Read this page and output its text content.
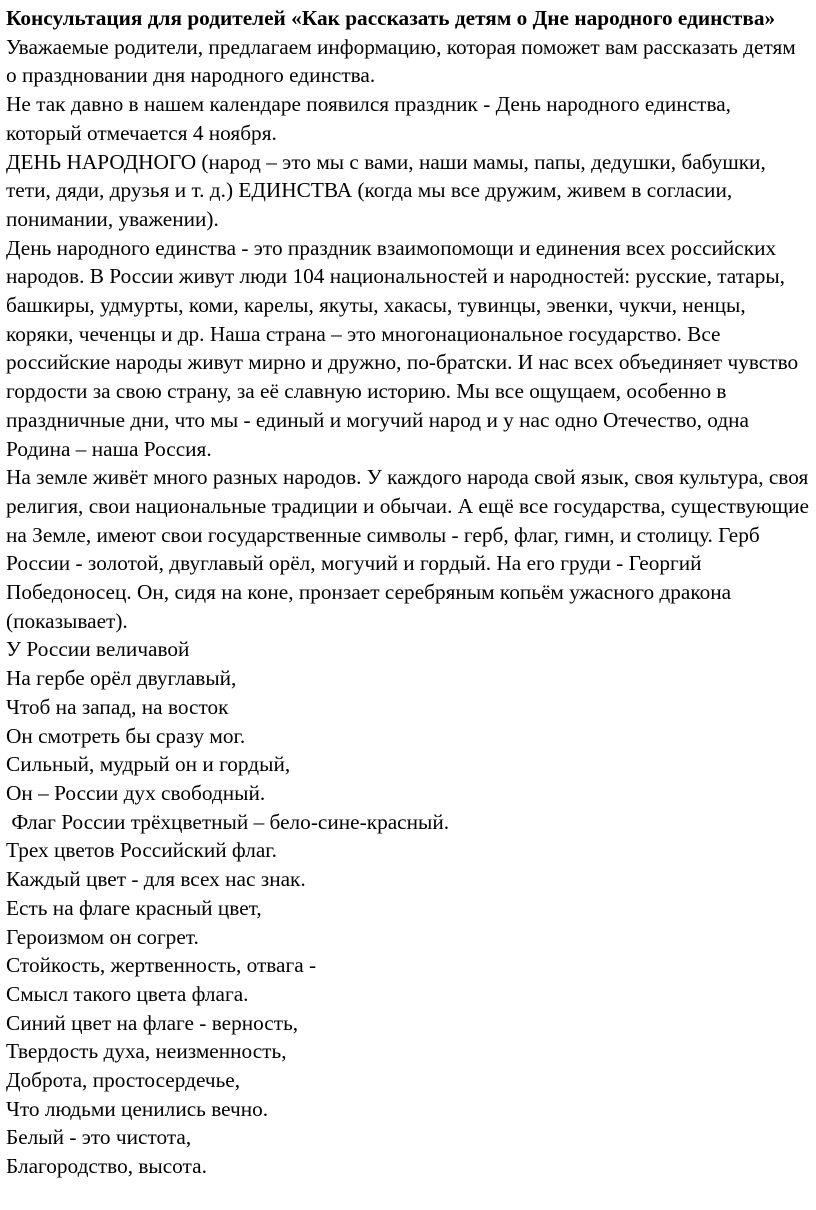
Консультация для родителей «Как рассказать детям о Дне народного единства»

Уважаемые родители, предлагаем информацию, которая поможет вам рассказать детям о праздновании дня народного единства.

Не так давно в нашем календаре появился праздник - День народного единства, который отмечается 4 ноября.

ДЕНЬ НАРОДНОГО (народ – это мы с вами, наши мамы, папы, дедушки, бабушки, тети, дяди, друзья и т. д.) ЕДИНСТВА (когда мы все дружим, живем в согласии, понимании, уважении).

День народного единства - это праздник взаимопомощи и единения всех российских народов. В России живут люди 104 национальностей и народностей: русские, татары, башкиры, удмурты, коми, карелы, якуты, хакасы, тувинцы, эвенки, чукчи, ненцы, коряки, чеченцы и др. Наша страна – это многонациональное государство. Все российские народы живут мирно и дружно, по-братски. И нас всех объединяет чувство гордости за свою страну, за её славную историю. Мы все ощущаем, особенно в праздничные дни, что мы - единый и могучий народ и у нас одно Отечество, одна Родина – наша Россия.

На земле живёт много разных народов. У каждого народа свой язык, своя культура, своя религия, свои национальные традиции и обычаи. А ещё все государства, существующие на Земле, имеют свои государственные символы - герб, флаг, гимн, и столицу. Герб России - золотой, двуглавый орёл, могучий и гордый. На его груди - Георгий Победоносец. Он, сидя на коне, пронзает серебряным копьём ужасного дракона (показывает).

У России величавой

На гербе орёл двуглавый,

Чтоб на запад, на восток

Он смотреть бы сразу мог.

Сильный, мудрый он и гордый,

Он – России дух свободный.

Флаг России трёхцветный – бело-сине-красный.

Трех цветов Российский флаг.

Каждый цвет - для всех нас знак.

Есть на флаге красный цвет,

Героизмом он согрет.

Стойкость, жертвенность, отвага -

Смысл такого цвета флага.

Синий цвет на флаге - верность,

Твердость духа, неизменность,

Доброта, простосердечье,

Что людьми ценились вечно.

Белый - это чистота,

Благородство, высота.
